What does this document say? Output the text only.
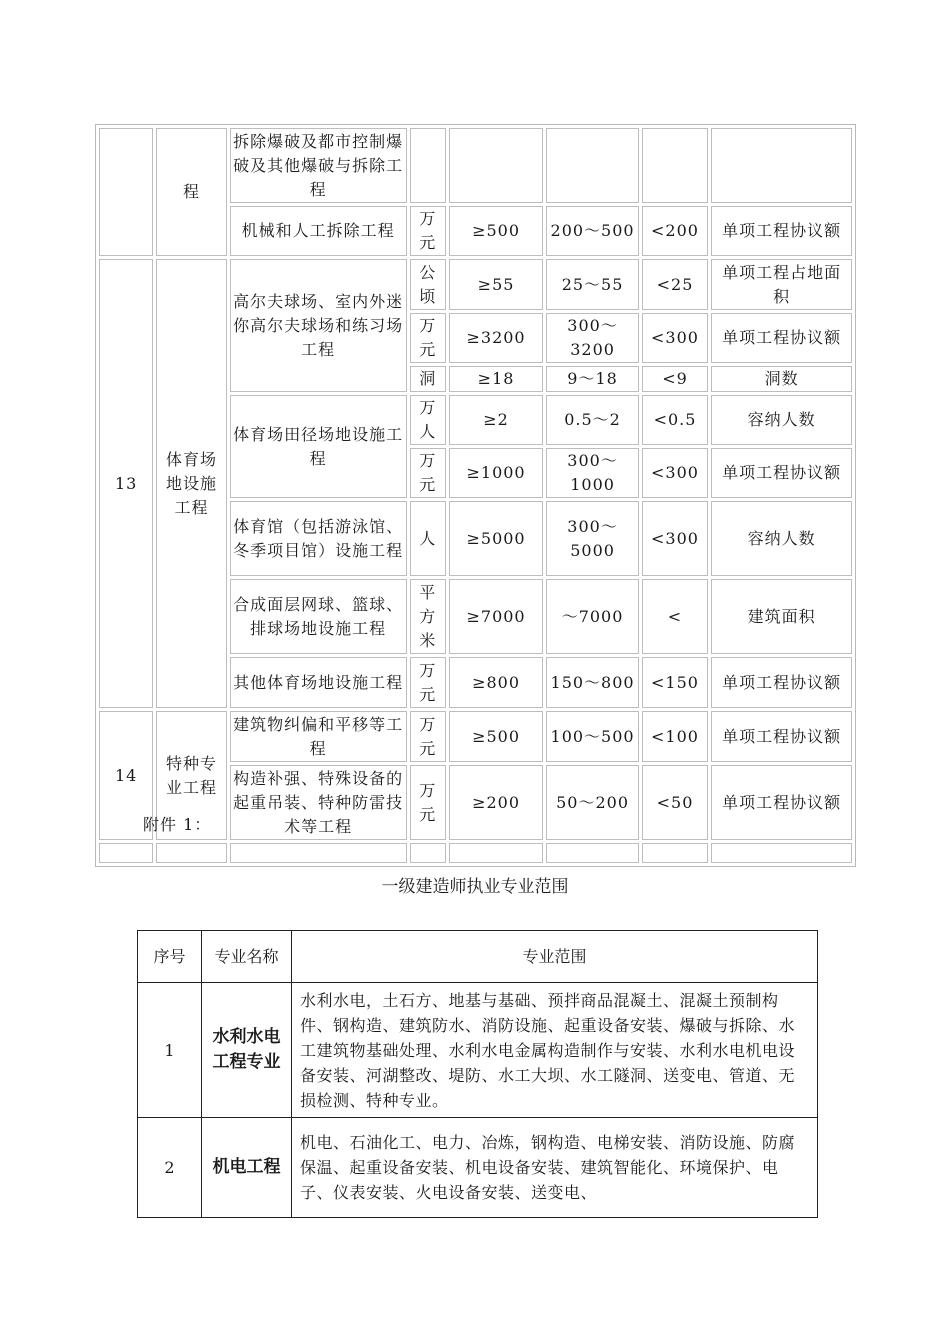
	程	拆除爆破及都市控制爆破及其他爆破与拆除工程					
		机械和人工拆除工程	万元	≥500	200～500	<200	单项工程协议额
13	体育场地设施工程	高尔夫球场、室内外迷你高尔夫球场和练习场工程	公顷	≥55	25～55	<25	单项工程占地面积
			万元	≥3200	300～3200	<300	单项工程协议额
			洞	≥18	9～18	<9	洞数
		体育场田径场地设施工程	万人	≥2	0.5～2	<0.5	容纳人数
			万元	≥1000	300～1000	<300	单项工程协议额
		体育馆（包括游泳馆、冬季项目馆）设施工程	人	≥5000	300～5000	<300	容纳人数
		合成面层网球、篮球、排球场地设施工程	平方米	≥7000	～7000	<	建筑面积
		其他体育场地设施工程	万元	≥800	150～800	<150	单项工程协议额
14	特种专业工程	建筑物纠偏和平移等工程	万元	≥500	100～500	<100	单项工程协议额
		构造补强、特殊设备的起重吊装、特种防雷技术等工程	万元	≥200	50～200	<50	单项工程协议额

附件 1：
一级建造师执业专业范围
序号	专业名称	专业范围
1	水利水电工程专业	水利水电，土石方、地基与基础、预拌商品混凝土、混凝土预制构件、钢构造、建筑防水、消防设施、起重设备安装、爆破与拆除、水工建筑物基础处理、水利水电金属构造制作与安装、水利水电机电设备安装、河湖整改、堤防、水工大坝、水工隧洞、送变电、管道、无损检测、特种专业。
2	机电工程	机电、石油化工、电力、冶炼，钢构造、电梯安装、消防设施、防腐保温、起重设备安装、机电设备安装、建筑智能化、环境保护、电子、仪表安装、火电设备安装、送变电、
